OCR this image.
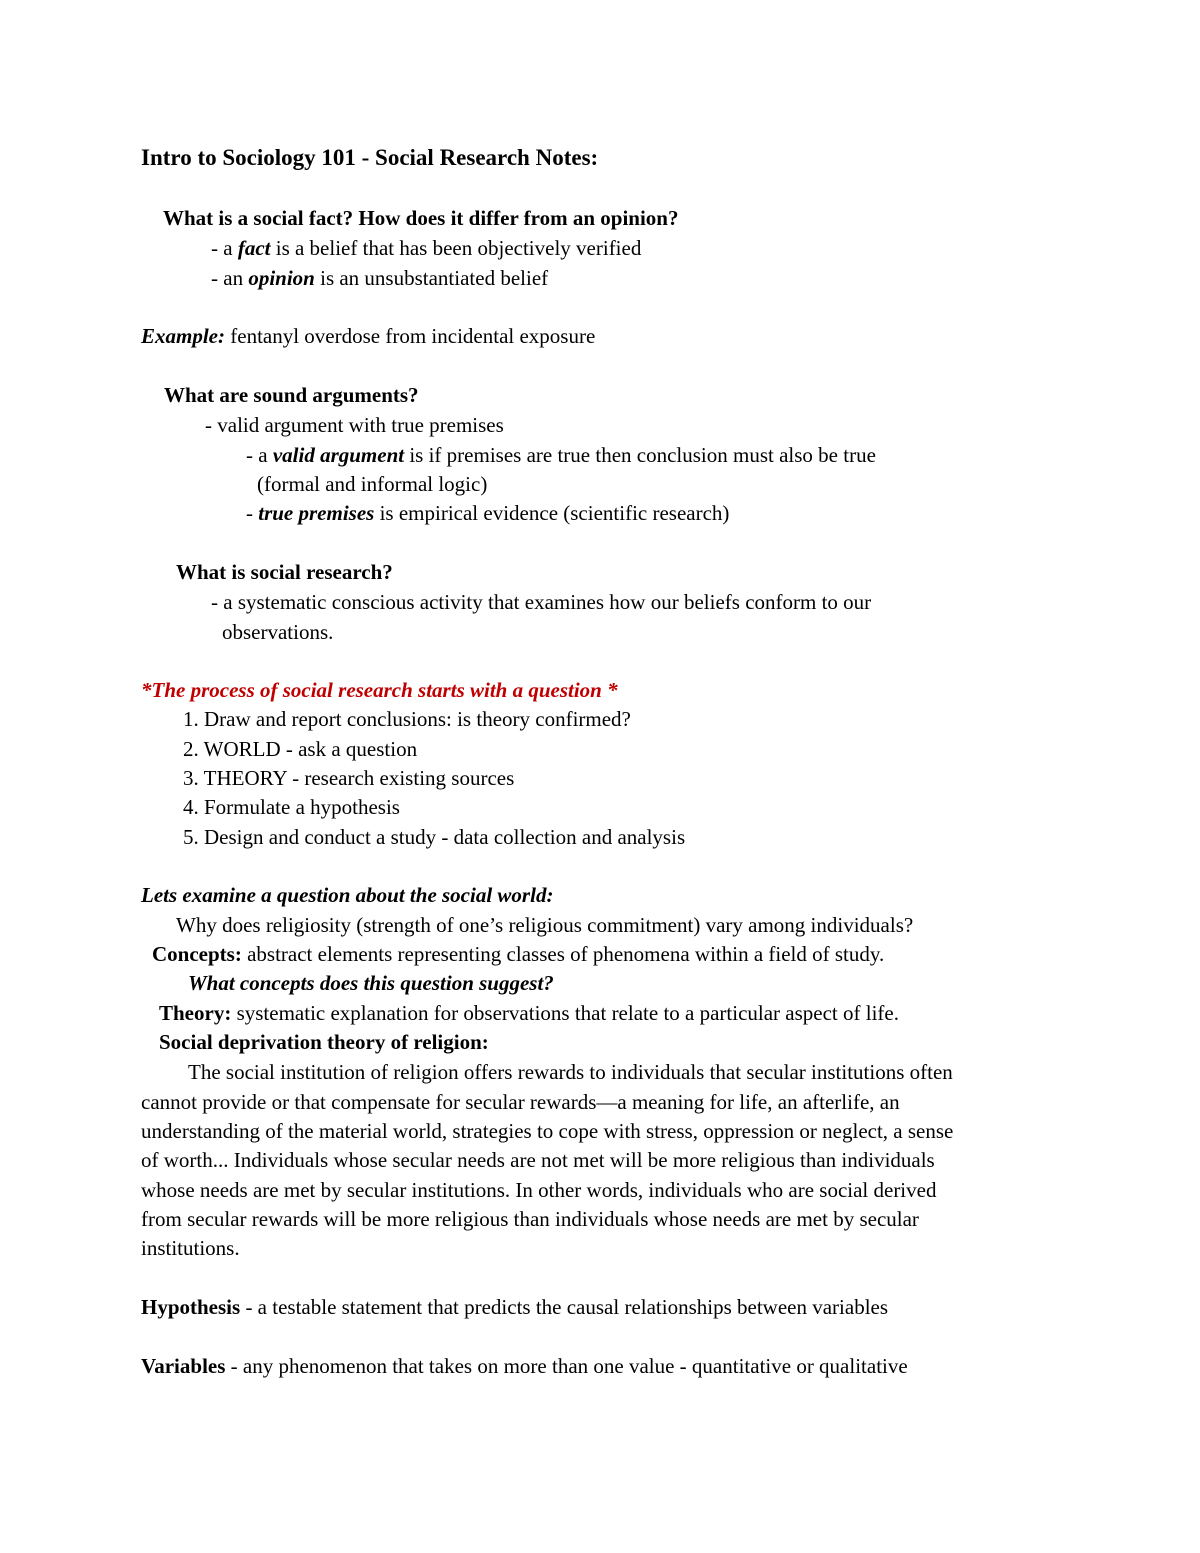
Intro to Sociology 101 - Social Research Notes:
What is a social fact? How does it differ from an opinion?
- a fact is a belief that has been objectively verified
- an opinion is an unsubstantiated belief
Example: fentanyl overdose from incidental exposure
What are sound arguments?
- valid argument with true premises
- a valid argument is if premises are true then conclusion must also be true
(formal and informal logic)
- true premises is empirical evidence (scientific research)
What is social research?
- a systematic conscious activity that examines how our beliefs conform to our
observations.
*The process of social research starts with a question *
1. Draw and report conclusions: is theory confirmed?
2. WORLD - ask a question
3. THEORY - research existing sources
4. Formulate a hypothesis
5. Design and conduct a study - data collection and analysis
Lets examine a question about the social world:
Why does religiosity (strength of one’s religious commitment) vary among individuals?
Concepts: abstract elements representing classes of phenomena within a field of study.
What concepts does this question suggest?
Theory: systematic explanation for observations that relate to a particular aspect of life.
Social deprivation theory of religion:
The social institution of religion offers rewards to individuals that secular institutions often
cannot provide or that compensate for secular rewards—a meaning for life, an afterlife, an
understanding of the material world, strategies to cope with stress, oppression or neglect, a sense
of worth... Individuals whose secular needs are not met will be more religious than individuals
whose needs are met by secular institutions. In other words, individuals who are social derived
from secular rewards will be more religious than individuals whose needs are met by secular
institutions.
Hypothesis - a testable statement that predicts the causal relationships between variables
Variables - any phenomenon that takes on more than one value - quantitative or qualitative
